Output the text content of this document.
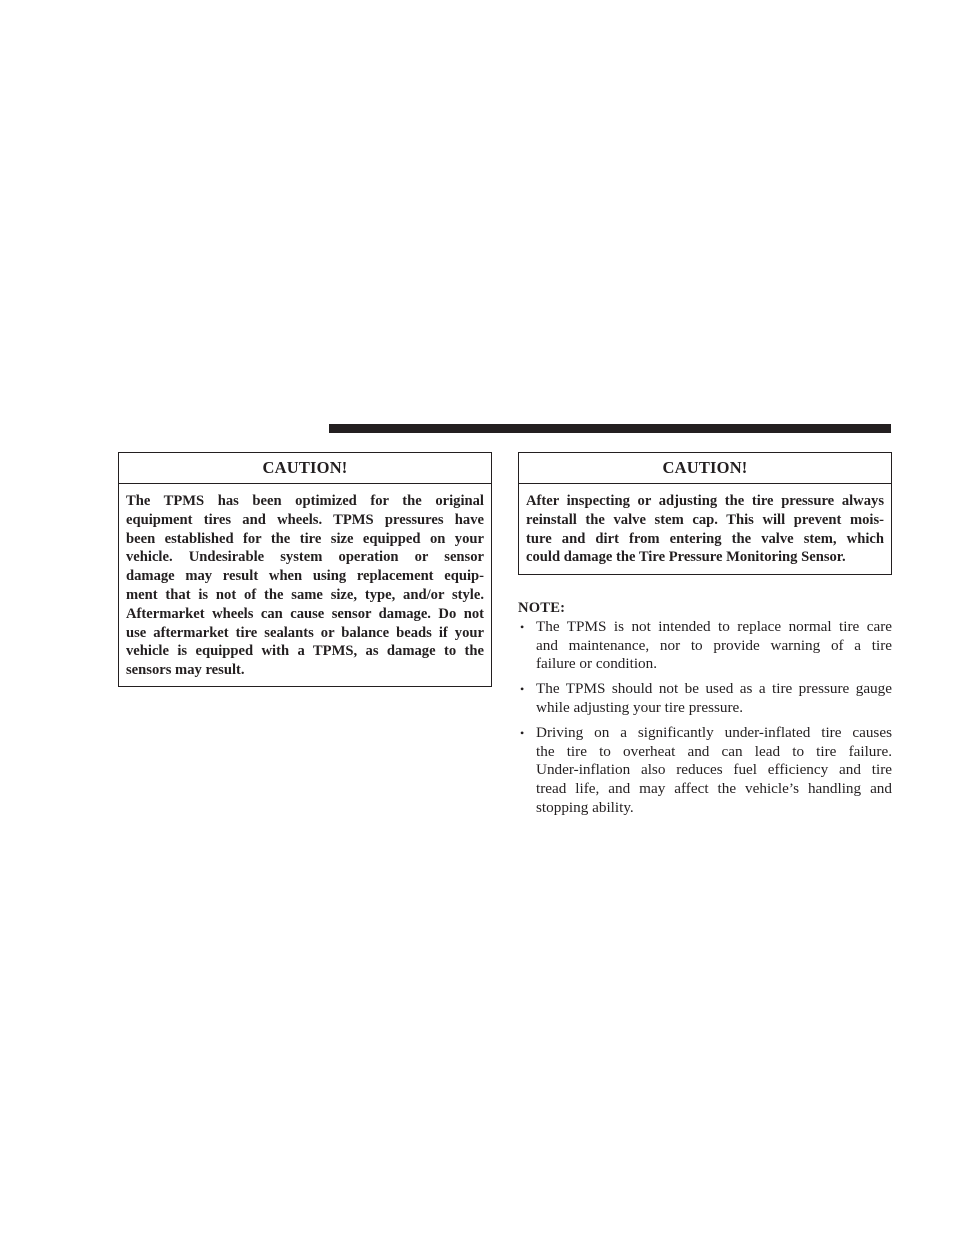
CAUTION!
The TPMS has been optimized for the original
equipment tires and wheels. TPMS pressures have
been established for the tire size equipped on your
vehicle. Undesirable system operation or sensor
damage may result when using replacement equip-
ment that is not of the same size, type, and/or style.
Aftermarket wheels can cause sensor damage. Do not
use aftermarket tire sealants or balance beads if your
vehicle is equipped with a TPMS, as damage to the
sensors may result.
CAUTION!
After inspecting or adjusting the tire pressure always
reinstall the valve stem cap. This will prevent mois-
ture and dirt from entering the valve stem, which
could damage the Tire Pressure Monitoring Sensor.
NOTE:
• The TPMS is not intended to replace normal tire care
and maintenance, nor to provide warning of a tire
failure or condition.
• The TPMS should not be used as a tire pressure gauge
while adjusting your tire pressure.
• Driving on a significantly under-inflated tire causes
the tire to overheat and can lead to tire failure.
Under-inflation also reduces fuel efficiency and tire
tread life, and may affect the vehicle’s handling and
stopping ability.
